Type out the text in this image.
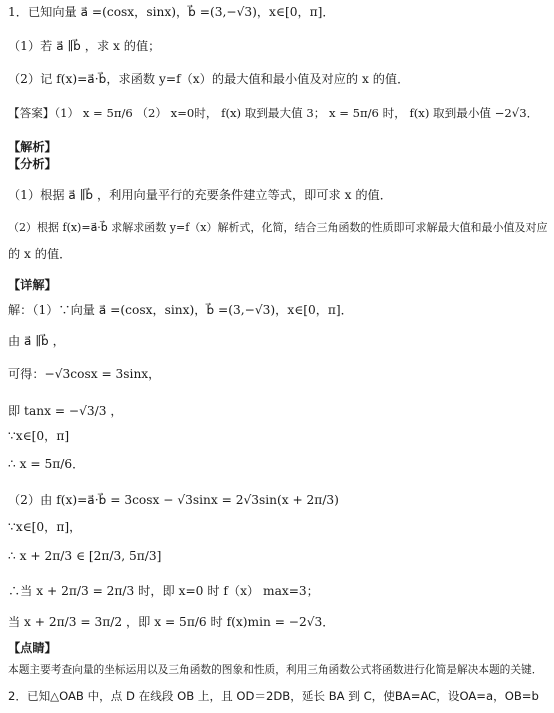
1．已知向量 a⃗ =(cosx，sinx)，b⃗ =(3,−√3)，x∈[0，π]．
（1）若 a⃗ ∥b⃗ ，求 x 的值；
（2）记 f(x)=a⃗·b⃗，求函数 y=f（x）的最大值和最小值及对应的 x 的值．
【答案】（1） x = 5π/6 （2） x=0时， f(x) 取到最大值 3； x = 5π/6 时， f(x) 取到最小值 −2√3．
【解析】
【分析】
（1）根据 a⃗ ∥b⃗ ，利用向量平行的充要条件建立等式，即可求 x 的值．
（2）根据 f(x)=a⃗·b⃗ 求解求函数 y=f（x）解析式，化简，结合三角函数的性质即可求解最大值和最小值及对应
的 x 的值．
【详解】
解：（1）∵向量 a⃗ =(cosx，sinx)，b⃗ =(3,−√3)，x∈[0，π]．
由 a⃗ ∥b⃗ ，
可得：−√3cosx = 3sinx，
即 tanx = −√3/3 ，
∵x∈[0，π]
∴ x = 5π/6．
（2）由 f(x)=a⃗·b⃗ = 3cosx − √3sinx = 2√3sin(x + 2π/3)
∵x∈[0，π]，
∴ x + 2π/3 ∈ [2π/3, 5π/3]
∴当 x + 2π/3 = 2π/3 时，即 x=0 时 f（x） max=3；
当 x + 2π/3 = 3π/2 ，即 x = 5π/6 时 f(x)min = −2√3．
【点睛】
本题主要考查向量的坐标运用以及三角函数的图象和性质，利用三角函数公式将函数进行化简是解决本题的关键．
2．已知△OAB 中，点 D 在线段 OB 上，且 OD＝2DB，延长 BA 到 C，使BA=AC，设OA=a，OB=b
